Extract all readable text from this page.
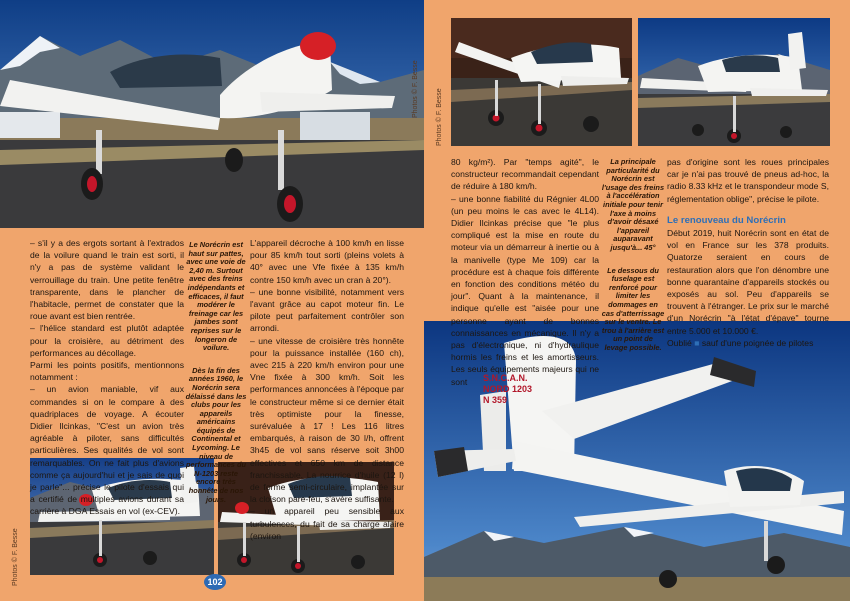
Photos © F. Besse Photos © F. Besse

S.N.C.A.N.

NORD 1203

N 359

Photos © F. Besse

– s'il y a des ergots sortant à l'extrados de la voilure quand le train est sorti, il n'y a pas de système validant le verrouillage du train. Une petite fenêtre transparente, dans le plancher de l'habitacle, permet de constater que la roue avant est bien rentrée.

– l'hélice standard est plutôt adaptée pour la croisière, au détriment des performances au décollage.

Parmi les points positifs, mentionnons notamment :

– un avion maniable, vif aux commandes si on le compare à des quadriplaces de voyage. A écouter Didier Ilcinkas, "C'est un avion très agréable à piloter, sans difficultés particulières. Ses qualités de vol sont remarquables. On ne fait plus d'avions comme ça aujourd'hui et je sais de quoi je parle"... précise le pilote d'essais qui a certifié de multiples avions durant sa carrière à DGA Essais en vol (ex-CEV).

Le Norécrin est haut sur pattes, avec une voie de 2,40 m. Surtout avec des freins indépendants et efficaces, il faut modérer le freinage car les jambes sont reprises sur le longeron de voilure.

Dès la fin des années 1960, le Norécrin sera délaissé dans les clubs pour les appareils américains équipés de Continental et Lycoming. Le niveau de performances du N-1203 reste encore très honnête de nos jours.

L'appareil décroche à 100 km/h en lisse pour 85 km/h tout sorti (pleins volets à 40° avec une Vfe fixée à 135 km/h contre 150 km/h avec un cran à 20°).

– une bonne visibilité, notamment vers l'avant grâce au capot moteur fin. Le pilote peut parfaitement contrôler son arrondi.

– une vitesse de croisière très honnête pour la puissance installée (160 ch), avec 215 à 220 km/h environ pour une Vne fixée à 300 km/h. Soit les performances annoncées à l'époque par le constructeur même si ce dernier était très optimiste pour la finesse, surévaluée à 17 ! Les 116 litres embarqués, à raison de 30 l/h, offrent 3h45 de vol sans réserve soit 3h00 effectives et 650 km de distance franchissable. La nourrice d'huile (12 l) de forme semi-circulaire, implantée sur la cloison pare-feu, s'avère suffisante.

– un appareil peu sensible aux turbulences, du fait de sa charge alaire (environ

102

80 kg/m²). Par "temps agité", le constructeur recommandait cependant de réduire à 180 km/h.

– une bonne fiabilité du Régnier 4L00 (un peu moins le cas avec le 4L14). Didier Ilcinkas précise que "le plus compliqué est la mise en route du moteur via un démarreur à inertie ou à la manivelle (type Me 109) car la procédure est à chaque fois différente en fonction des conditions météo du jour". Quant à la maintenance, il indique qu'elle est "aisée pour une personne ayant de bonnes connaissances en mécanique. Il n'y a pas d'électronique, ni d'hydraulique hormis les freins et les amortisseurs. Les seuls équipements majeurs qui ne sont

La principale particularité du Norécrin est l'usage des freins à l'accélération initiale pour tenir l'axe à moins d'avoir désaxé l'appareil auparavant jusqu'à... 45°

Le dessous du fuselage est renforcé pour limiter les dommages en cas d'atterrissage sur le ventre. Le trou à l'arrière est un point de levage possible.

pas d'origine sont les roues principales car je n'ai pas trouvé de pneus ad-hoc, la radio 8.33 kHz et le transpondeur mode S, réglementation oblige", précise le pilote.

Le renouveau du Norécrin

Début 2019, huit Norécrin sont en état de vol en France sur les 378 produits. Quatorze seraient en cours de restauration alors que l'on dénombre une bonne quarantaine d'appareils stockés ou exposés au sol. Peu d'appareils se trouvent à l'étranger. Le prix sur le marché d'un Norécrin "à l'état d'épave" tourne entre 5.000 et 10.000 €.

Oublié ■ sauf d'une poignée de pilotes
